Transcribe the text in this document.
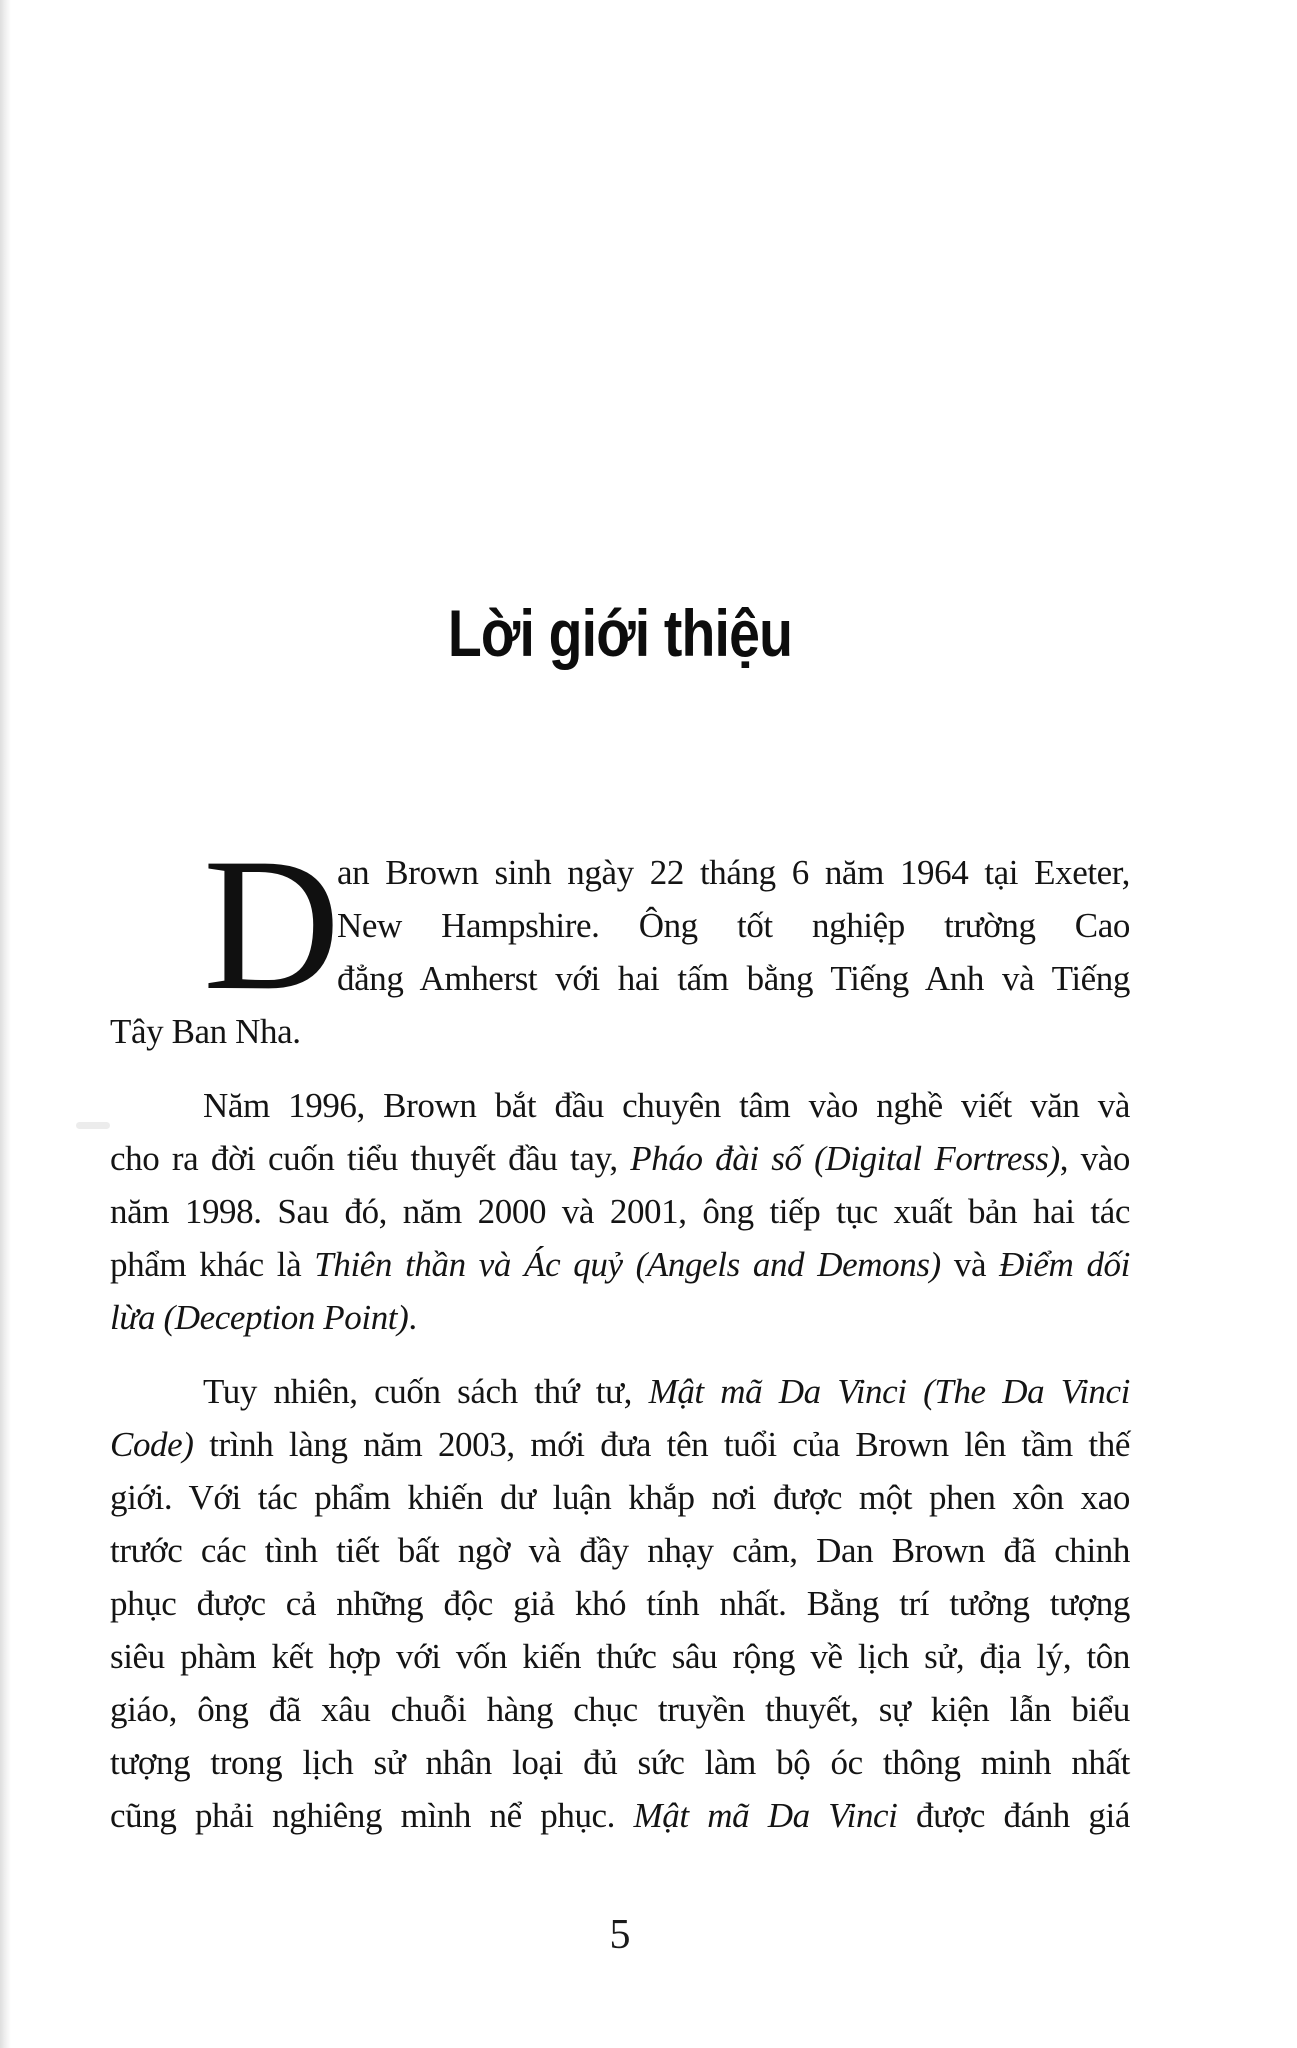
Lời giới thiệu
D
an Brown sinh ngày 22 tháng 6 năm 1964 tại Exeter,
New Hampshire. Ông tốt nghiệp trường Cao
đẳng Amherst với hai tấm bằng Tiếng Anh và Tiếng
Tây Ban Nha.
Năm 1996, Brown bắt đầu chuyên tâm vào nghề viết văn và
cho ra đời cuốn tiểu thuyết đầu tay, Pháo đài số (Digital Fortress), vào
năm 1998. Sau đó, năm 2000 và 2001, ông tiếp tục xuất bản hai tác
phẩm khác là Thiên thần và Ác quỷ (Angels and Demons) và Điểm dối
lừa (Deception Point).
Tuy nhiên, cuốn sách thứ tư, Mật mã Da Vinci (The Da Vinci
Code) trình làng năm 2003, mới đưa tên tuổi của Brown lên tầm thế
giới. Với tác phẩm khiến dư luận khắp nơi được một phen xôn xao
trước các tình tiết bất ngờ và đầy nhạy cảm, Dan Brown đã chinh
phục được cả những độc giả khó tính nhất. Bằng trí tưởng tượng
siêu phàm kết hợp với vốn kiến thức sâu rộng về lịch sử, địa lý, tôn
giáo, ông đã xâu chuỗi hàng chục truyền thuyết, sự kiện lẫn biểu
tượng trong lịch sử nhân loại đủ sức làm bộ óc thông minh nhất
cũng phải nghiêng mình nể phục. Mật mã Da Vinci được đánh giá
5
